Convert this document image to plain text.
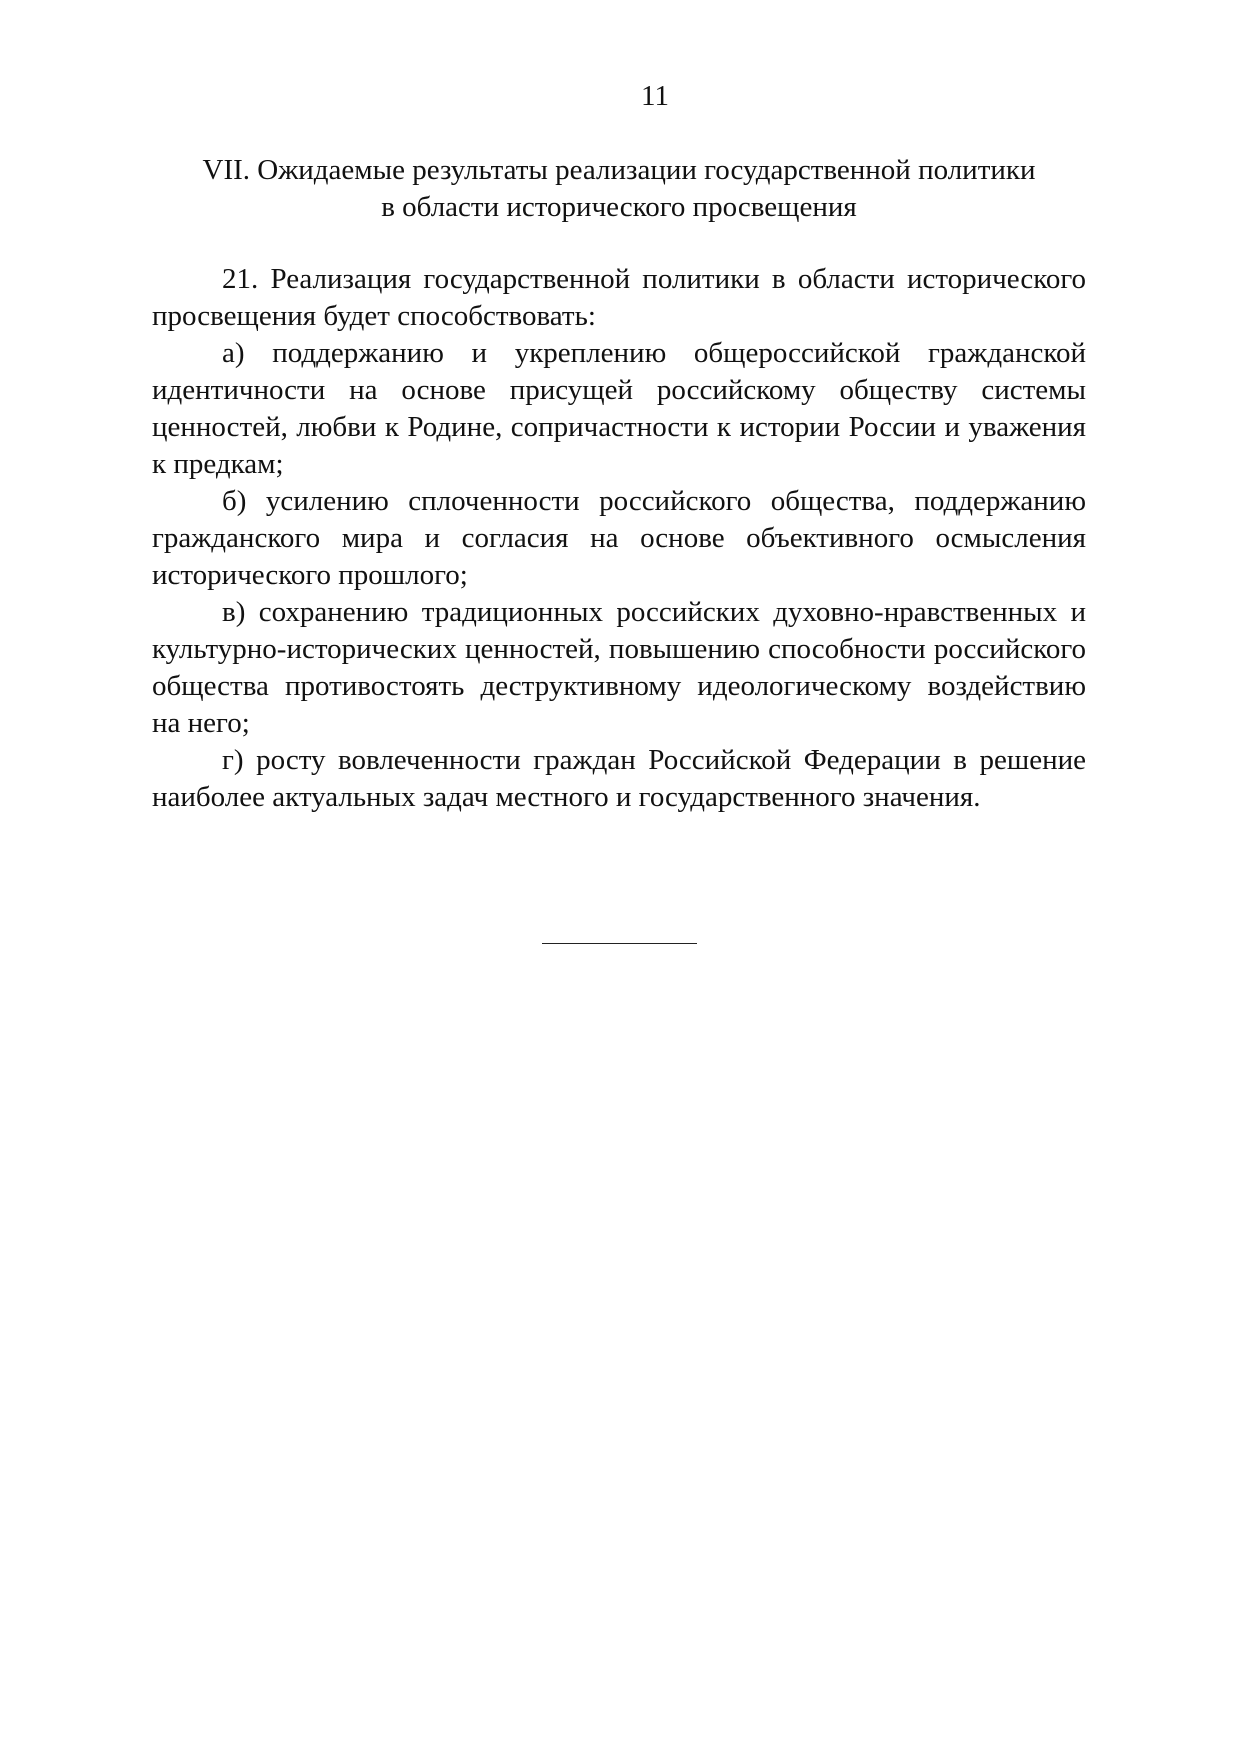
11
VII. Ожидаемые результаты реализации государственной политики
в области исторического просвещения

21. Реализация государственной политики в области исторического просвещения будет способствовать:

а) поддержанию и укреплению общероссийской гражданской идентичности на основе присущей российскому обществу системы ценностей, любви к Родине, сопричастности к истории России и уважения к предкам;

б) усилению сплоченности российского общества, поддержанию гражданского мира и согласия на основе объективного осмысления исторического прошлого;

в) сохранению традиционных российских духовно-нравственных и культурно-исторических ценностей, повышению способности российского общества противостоять деструктивному идеологическому воздействию на него;

г) росту вовлеченности граждан Российской Федерации в решение наиболее актуальных задач местного и государственного значения.
